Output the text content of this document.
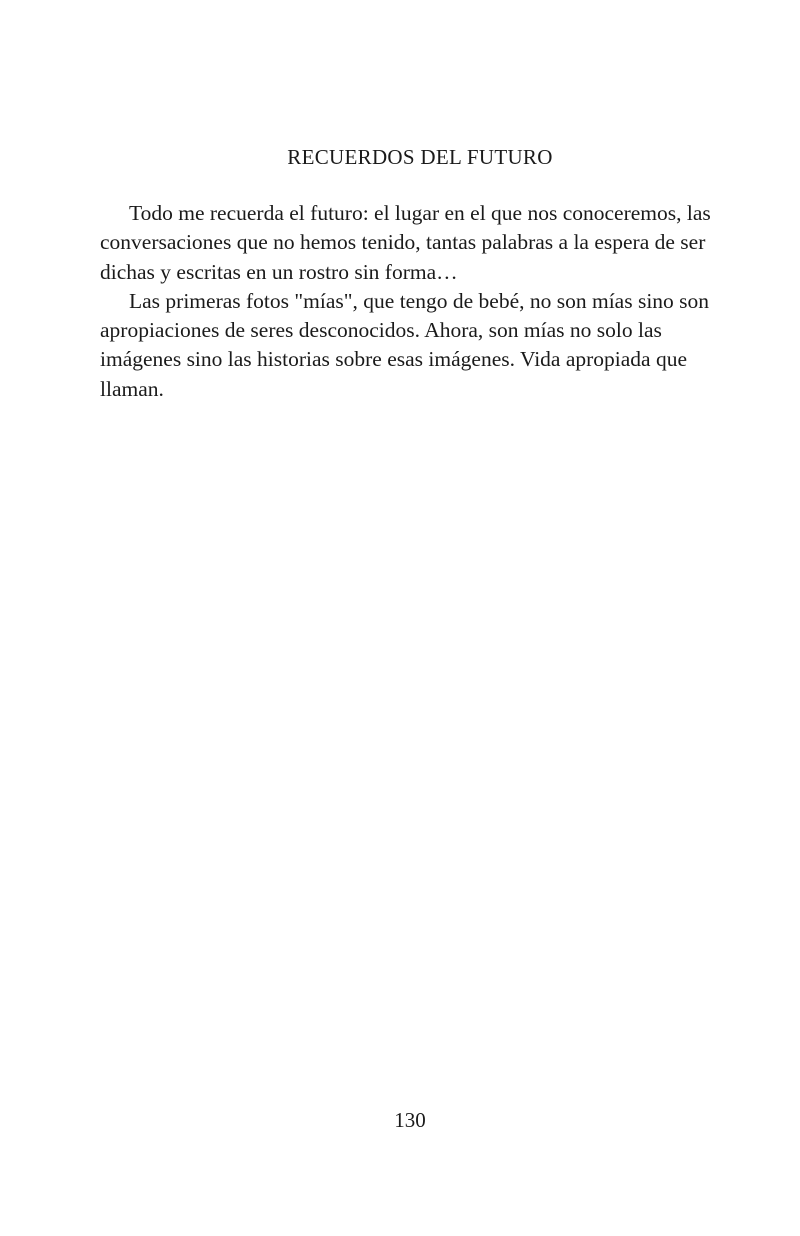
RECUERDOS DEL FUTURO

Todo me recuerda el futuro: el lugar en el que nos conoceremos, las
conversaciones que no hemos tenido, tantas palabras a la espera de ser
dichas y escritas en un rostro sin forma…

Las primeras fotos "mías", que tengo de bebé, no son mías sino son
apropiaciones de seres desconocidos. Ahora, son mías no solo las
imágenes sino las historias sobre esas imágenes. Vida apropiada que
llaman.

130
